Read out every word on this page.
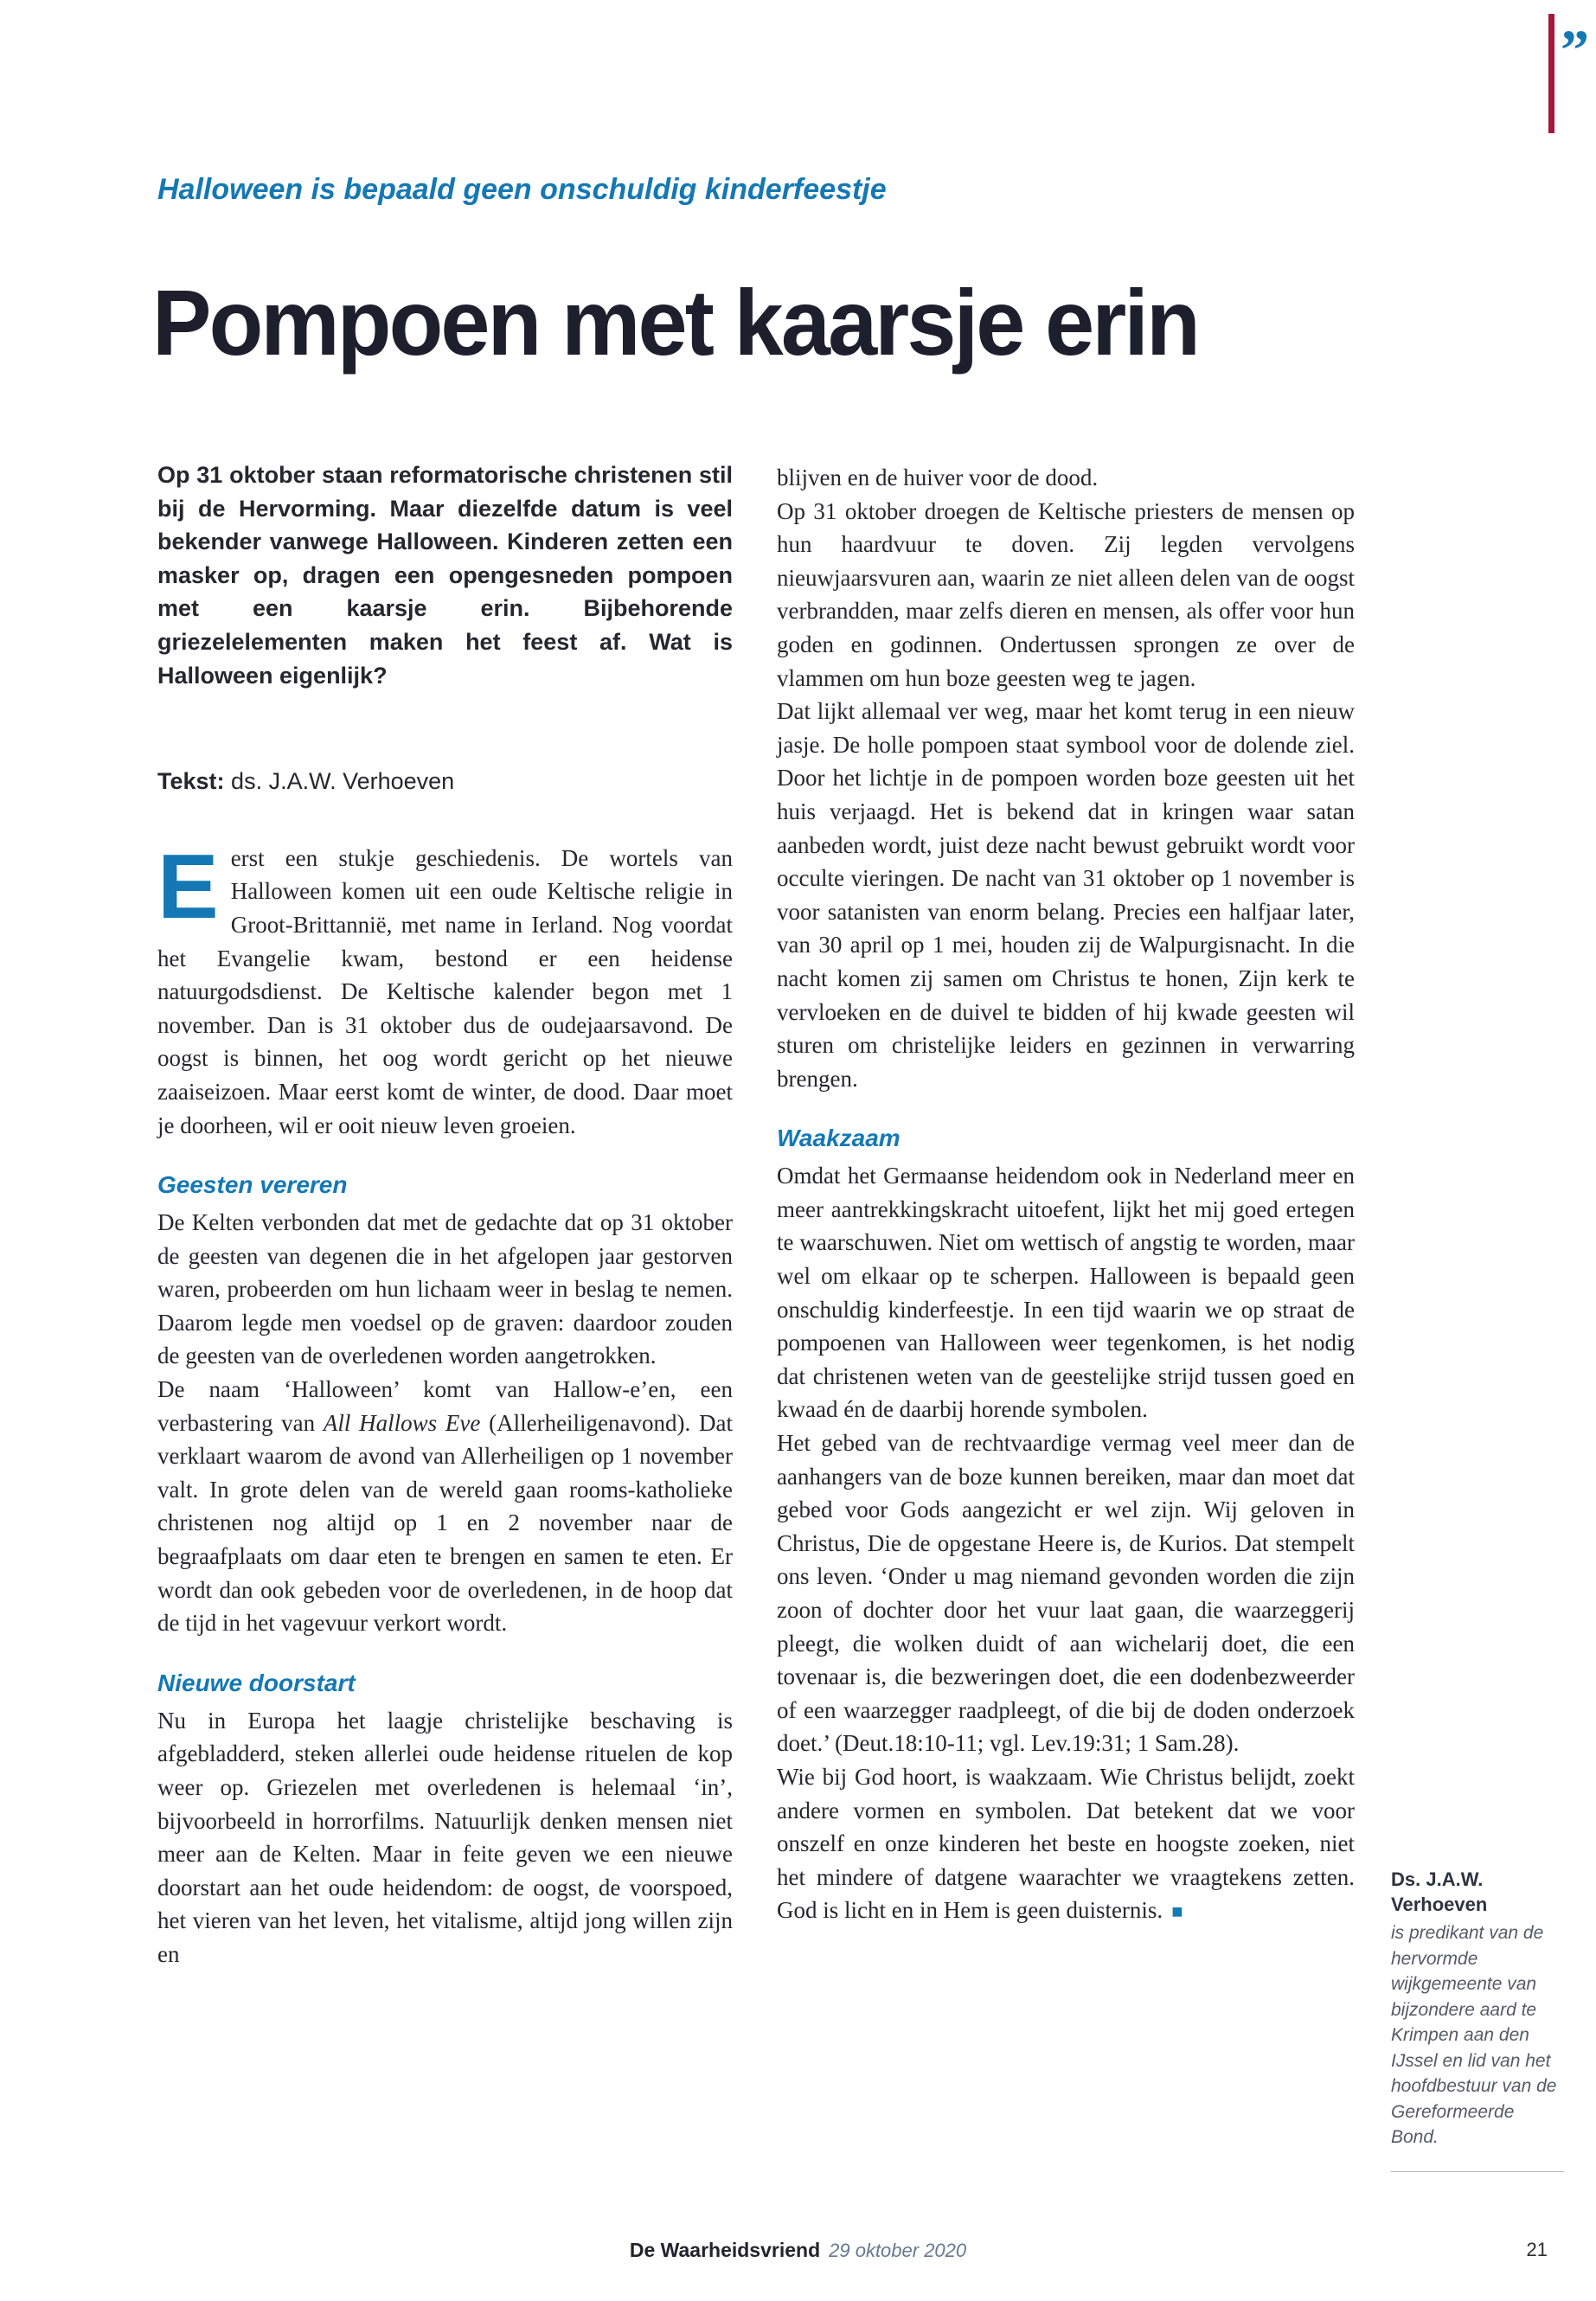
”
Halloween is bepaald geen onschuldig kinderfeestje
Pompoen met kaarsje erin

Op 31 oktober staan reformatorische christenen stil bij de Hervorming. Maar diezelfde datum is veel bekender vanwege Halloween. Kinderen zetten een masker op, dragen een opengesneden pompoen met een kaarsje erin. Bijbehorende griezelelementen maken het feest af. Wat is Halloween eigenlijk?

Tekst: ds. J.A.W. Verhoeven

Eerst een stukje geschiedenis. De wortels van Halloween komen uit een oude Keltische religie in Groot-Brittannië, met name in Ierland. Nog voordat het Evangelie kwam, bestond er een heidense natuurgodsdienst. De Keltische kalender begon met 1 november. Dan is 31 oktober dus de oudejaarsavond. De oogst is binnen, het oog wordt gericht op het nieuwe zaaiseizoen. Maar eerst komt de winter, de dood. Daar moet je doorheen, wil er ooit nieuw leven groeien.

Geesten vereren

De Kelten verbonden dat met de gedachte dat op 31 oktober de geesten van degenen die in het afgelopen jaar gestorven waren, probeerden om hun lichaam weer in beslag te nemen. Daarom legde men voedsel op de graven: daardoor zouden de geesten van de overledenen worden aangetrokken.

De naam ‘Halloween’ komt van Hallow-e’en, een verbastering van All Hallows Eve (Allerheiligenavond). Dat verklaart waarom de avond van Allerheiligen op 1 november valt. In grote delen van de wereld gaan rooms-katholieke christenen nog altijd op 1 en 2 november naar de begraafplaats om daar eten te brengen en samen te eten. Er wordt dan ook gebeden voor de overledenen, in de hoop dat de tijd in het vagevuur verkort wordt.

Nieuwe doorstart

Nu in Europa het laagje christelijke beschaving is afgebladderd, steken allerlei oude heidense rituelen de kop weer op. Griezelen met overledenen is helemaal ‘in’, bijvoorbeeld in horrorfilms. Natuurlijk denken mensen niet meer aan de Kelten. Maar in feite geven we een nieuwe doorstart aan het oude heidendom: de oogst, de voorspoed, het vieren van het leven, het vitalisme, altijd jong willen zijn en

blijven en de huiver voor de dood.

Op 31 oktober droegen de Keltische priesters de mensen op hun haardvuur te doven. Zij legden vervolgens nieuwjaarsvuren aan, waarin ze niet alleen delen van de oogst verbrandden, maar zelfs dieren en mensen, als offer voor hun goden en godinnen. Ondertussen sprongen ze over de vlammen om hun boze geesten weg te jagen.

Dat lijkt allemaal ver weg, maar het komt terug in een nieuw jasje. De holle pompoen staat symbool voor de dolende ziel. Door het lichtje in de pompoen worden boze geesten uit het huis verjaagd. Het is bekend dat in kringen waar satan aanbeden wordt, juist deze nacht bewust gebruikt wordt voor occulte vieringen. De nacht van 31 oktober op 1 november is voor satanisten van enorm belang. Precies een halfjaar later, van 30 april op 1 mei, houden zij de Walpurgisnacht. In die nacht komen zij samen om Christus te honen, Zijn kerk te vervloeken en de duivel te bidden of hij kwade geesten wil sturen om christelijke leiders en gezinnen in verwarring brengen.

Waakzaam

Omdat het Germaanse heidendom ook in Nederland meer en meer aantrekkingskracht uitoefent, lijkt het mij goed ertegen te waarschuwen. Niet om wettisch of angstig te worden, maar wel om elkaar op te scherpen. Halloween is bepaald geen onschuldig kinderfeestje. In een tijd waarin we op straat de pompoenen van Halloween weer tegenkomen, is het nodig dat christenen weten van de geestelijke strijd tussen goed en kwaad én de daarbij horende symbolen.

Het gebed van de rechtvaardige vermag veel meer dan de aanhangers van de boze kunnen bereiken, maar dan moet dat gebed voor Gods aangezicht er wel zijn. Wij geloven in Christus, Die de opgestane Heere is, de Kurios. Dat stempelt ons leven. ‘Onder u mag niemand gevonden worden die zijn zoon of dochter door het vuur laat gaan, die waarzeggerij pleegt, die wolken duidt of aan wichelarij doet, die een tovenaar is, die bezweringen doet, die een dodenbezweerder of een waarzegger raadpleegt, of die bij de doden onderzoek doet.’ (Deut.18:10-11; vgl. Lev.19:31; 1 Sam.28).

Wie bij God hoort, is waakzaam. Wie Christus belijdt, zoekt andere vormen en symbolen. Dat betekent dat we voor onszelf en onze kinderen het beste en hoogste zoeken, niet het mindere of datgene waarachter we vraagtekens zetten. God is licht en in Hem is geen duisternis. ■

Ds. J.A.W. Verhoeven
is predikant van de hervormde wijkgemeente van bijzondere aard te Krimpen aan den IJssel en lid van het hoofdbestuur van de Gereformeerde Bond.
De Waarheidsvriend 29 oktober 2020	21
